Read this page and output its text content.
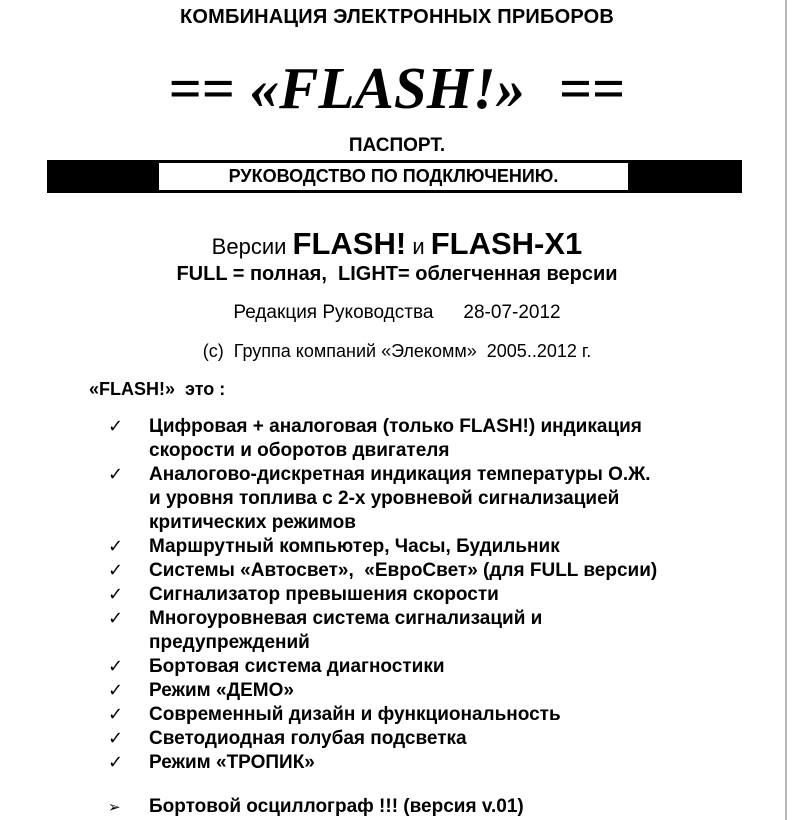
КОМБИНАЦИЯ ЭЛЕКТРОННЫХ ПРИБОРОВ
== «FLASH!» ==
ПАСПОРТ.
РУКОВОДСТВО ПО ПОДКЛЮЧЕНИЮ.
Версии FLASH! и FLASH-X1
FULL = полная,  LIGHT= облегченная версии
Редакция Руководства 28-07-2012
(c)  Группа компаний «Элекомм»  2005..2012 г.
«FLASH!»  это :
✓ Цифровая + аналоговая (только FLASH!) индикация
скорости и оборотов двигателя
✓ Аналогово-дискретная индикация температуры О.Ж.
и уровня топлива с 2-х уровневой сигнализацией
критических режимов
✓ Маршрутный компьютер, Часы, Будильник
✓ Системы «Автосвет»,  «ЕвроСвет» (для FULL версии)
✓ Сигнализатор превышения скорости
✓ Многоуровневая система сигнализаций и
предупреждений
✓ Бортовая система диагностики
✓ Режим «ДЕМО»
✓ Современный дизайн и функциональность
✓ Светодиодная голубая подсветка
✓ Режим «ТРОПИК»
➢ Бортовой осциллограф !!! (версия v.01)
